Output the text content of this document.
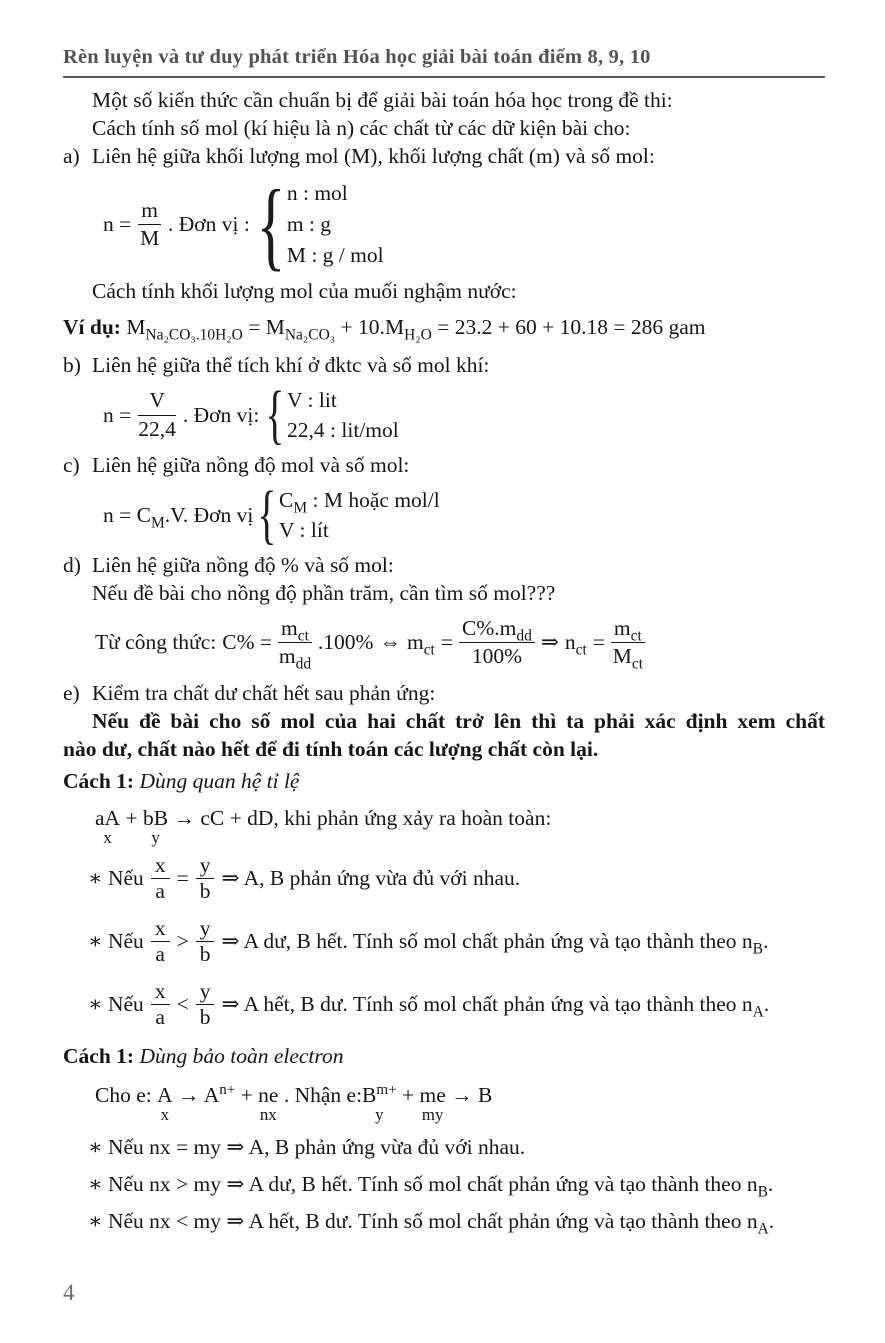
Rèn luyện và tư duy phát triển Hóa học giải bài toán điểm 8, 9, 10
Một số kiến thức cần chuẩn bị để giải bài toán hóa học trong đề thi:
Cách tính số mol (kí hiệu là n) các chất từ các dữ kiện bài cho:
a) Liên hệ giữa khối lượng mol (M), khối lượng chất (m) và số mol:
$n = \frac{m}{M}$ . Đơn vị :
{
n : mol
m : g
M : g / mol
Cách tính khối lượng mol của muối nghậm nước:
Ví dụ: $M_{Na_2CO_3.10H_2O} = M_{Na_2CO_3} + 10.M_{H_2O} = 23.2 + 60 + 10.18 = 286$ gam
b) Liên hệ giữa thể tích khí ở đktc và số mol khí:
$n = \frac{V}{22,4}$ . Đơn vị:
{
V : lit
22,4 : lit/mol
c) Liên hệ giữa nồng độ mol và số mol:
$n = C_M.V$. Đơn vị
{
$C_M$ : M hoặc mol/l
V : lít
d) Liên hệ giữa nồng độ % và số mol:
Nếu đề bài cho nồng độ phần trăm, cần tìm số mol???
Từ công thức: $C\% = \frac{m_{ct}}{m_{dd}} .100\%$ ⇔ $m_{ct} = \frac{C\%.m_{dd}}{100\%}$ ⇒ $n_{ct} = \frac{m_{ct}}{M_{ct}}$
e) Kiểm tra chất dư chất hết sau phản ứng:
Nếu đề bài cho số mol của hai chất trở lên thì ta phải xác định xem chất
nào dư, chất nào hết để đi tính toán các lượng chất còn lại.
Cách 1: Dùng quan hệ tỉ lệ
aA
x
+ bB
y
→ cC + dD, khi phản ứng xảy ra hoàn toàn:
∗ Nếu $\frac{x}{a} = \frac{y}{b}$ ⇒ A, B phản ứng vừa đủ với nhau.
∗ Nếu $\frac{x}{a} > \frac{y}{b}$ ⇒ A dư, B hết. Tính số mol chất phản ứng và tạo thành theo $n_B$.
∗ Nếu $\frac{x}{a} < \frac{y}{b}$ ⇒ A hết, B dư. Tính số mol chất phản ứng và tạo thành theo $n_A$.
Cách 1: Dùng bảo toàn electron
Cho e: A
x
→ $A^{n+}$ + ne
nx
. Nhận $e:B^{m+}$
y
+ me
my
→ B
∗ Nếu nx = my ⇒ A, B phản ứng vừa đủ với nhau.
∗ Nếu nx > my ⇒ A dư, B hết. Tính số mol chất phản ứng và tạo thành theo $n_B$.
∗ Nếu nx < my ⇒ A hết, B dư. Tính số mol chất phản ứng và tạo thành theo $n_A$.
4
